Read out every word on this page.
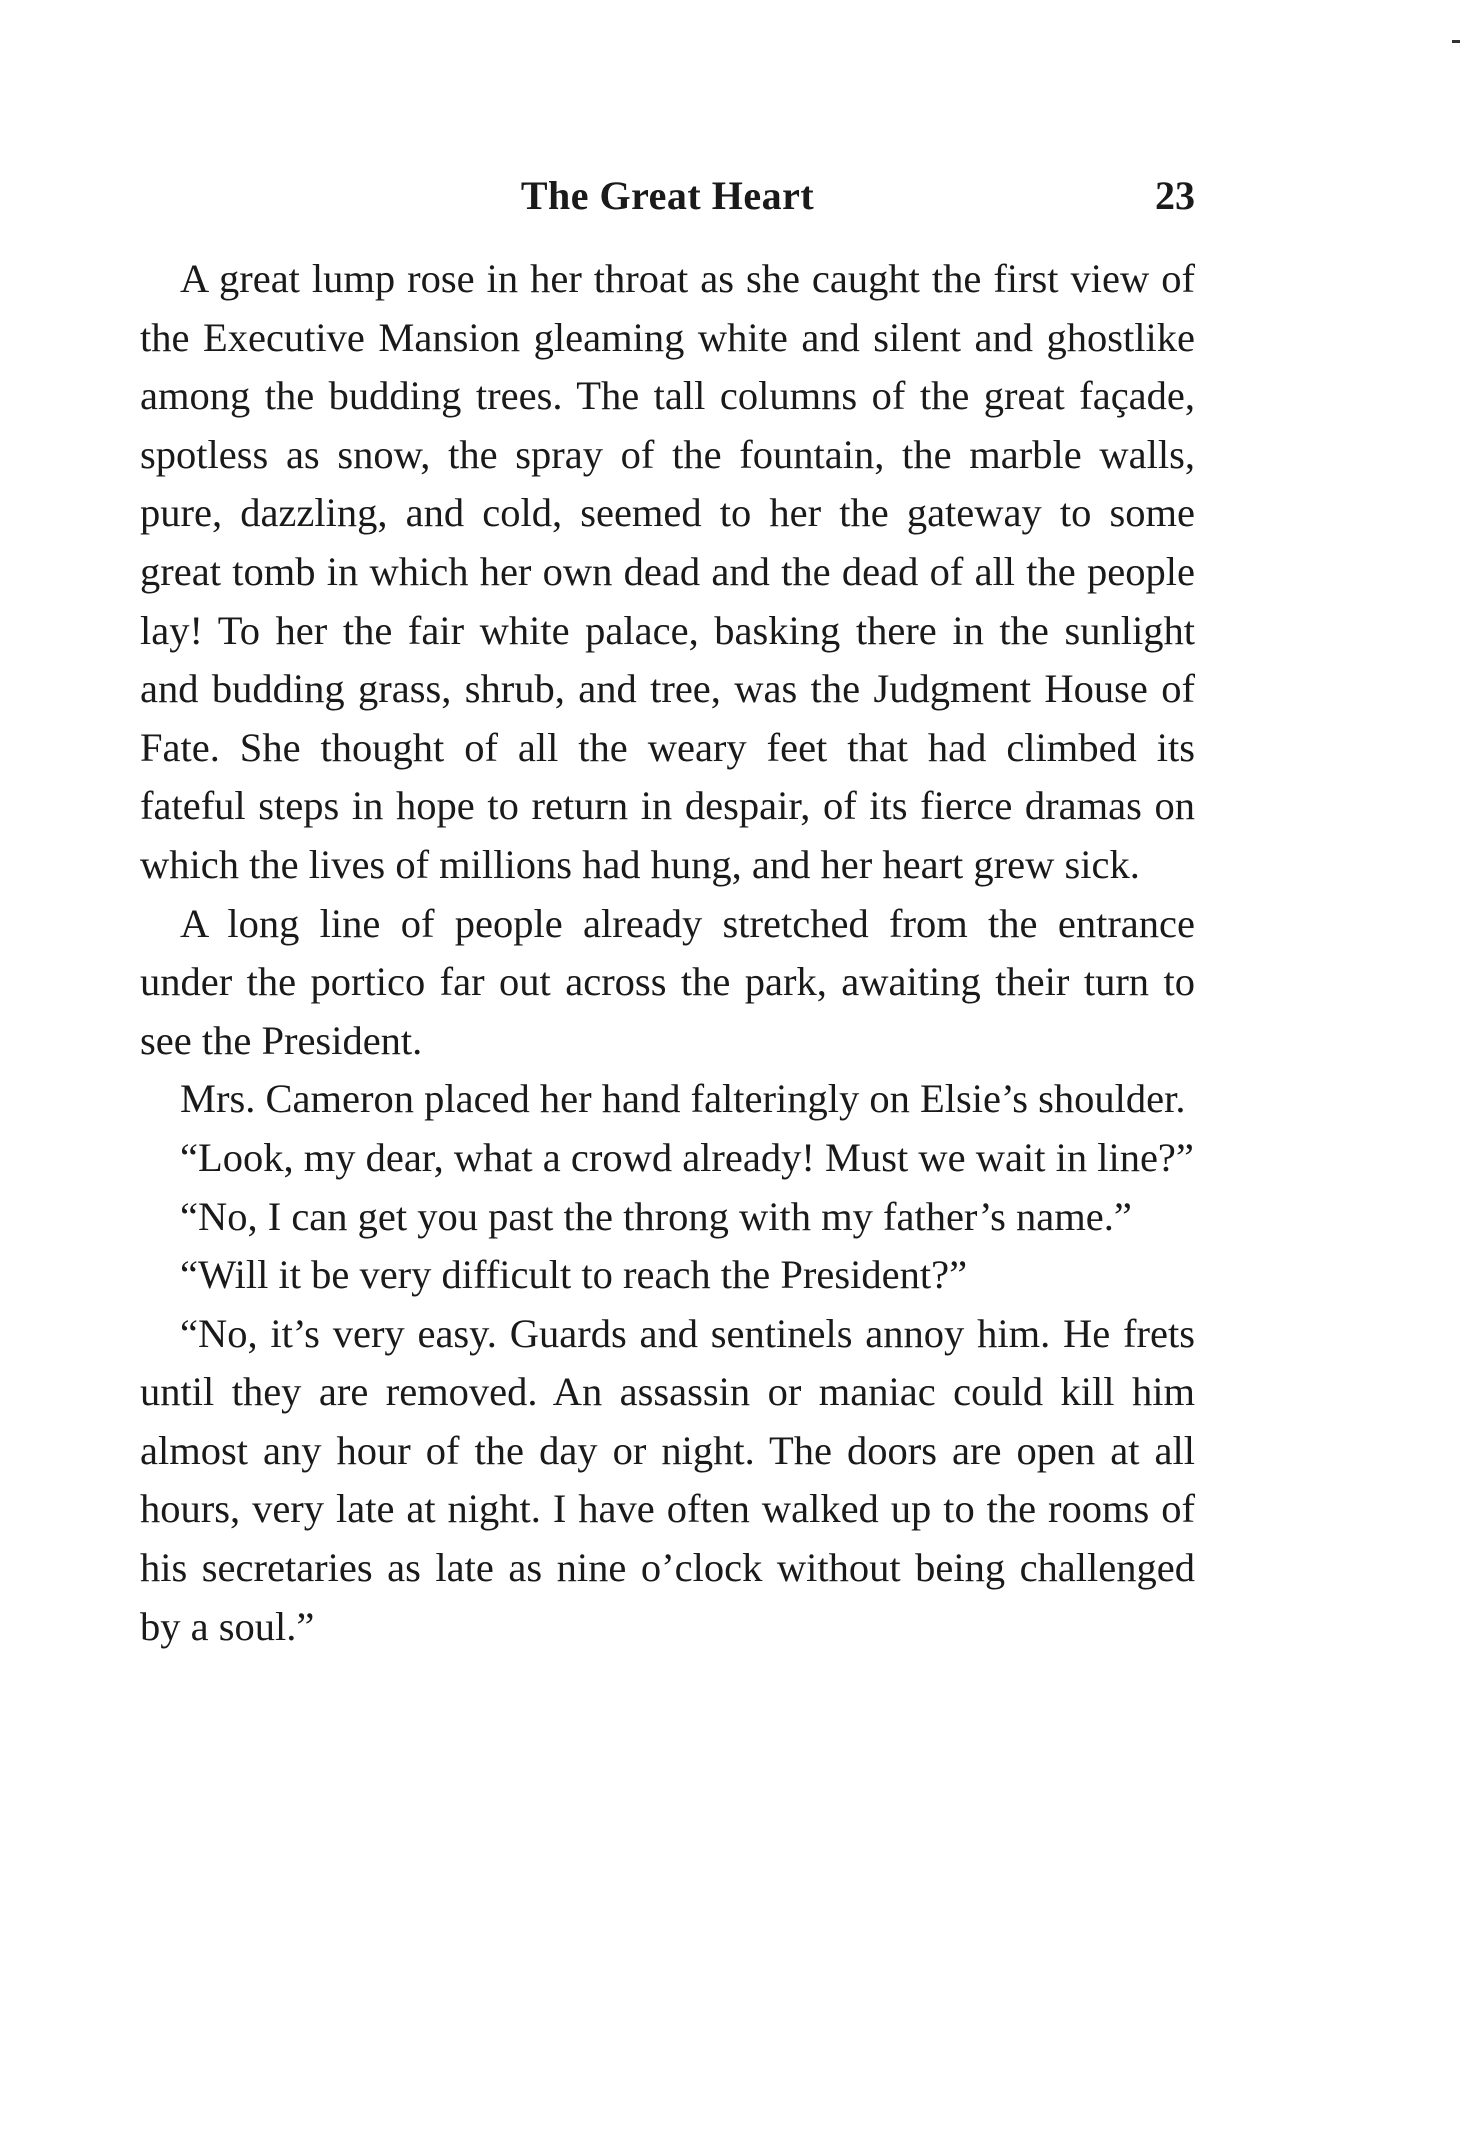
The Great Heart	23

A great lump rose in her throat as she caught the first view of the Executive Mansion gleaming white and silent and ghostlike among the budding trees. The tall columns of the great façade, spotless as snow, the spray of the fountain, the marble walls, pure, dazzling, and cold, seemed to her the gateway to some great tomb in which her own dead and the dead of all the people lay! To her the fair white palace, basking there in the sunlight and budding grass, shrub, and tree, was the Judgment House of Fate. She thought of all the weary feet that had climbed its fateful steps in hope to return in despair, of its fierce dramas on which the lives of millions had hung, and her heart grew sick.

A long line of people already stretched from the entrance under the portico far out across the park, awaiting their turn to see the President.

Mrs. Cameron placed her hand falteringly on Elsie’s shoulder.

“Look, my dear, what a crowd already! Must we wait in line?”

“No, I can get you past the throng with my father’s name.”

“Will it be very difficult to reach the President?”

“No, it’s very easy. Guards and sentinels annoy him. He frets until they are removed. An assassin or maniac could kill him almost any hour of the day or night. The doors are open at all hours, very late at night. I have often walked up to the rooms of his secretaries as late as nine o’clock without being challenged by a soul.”
